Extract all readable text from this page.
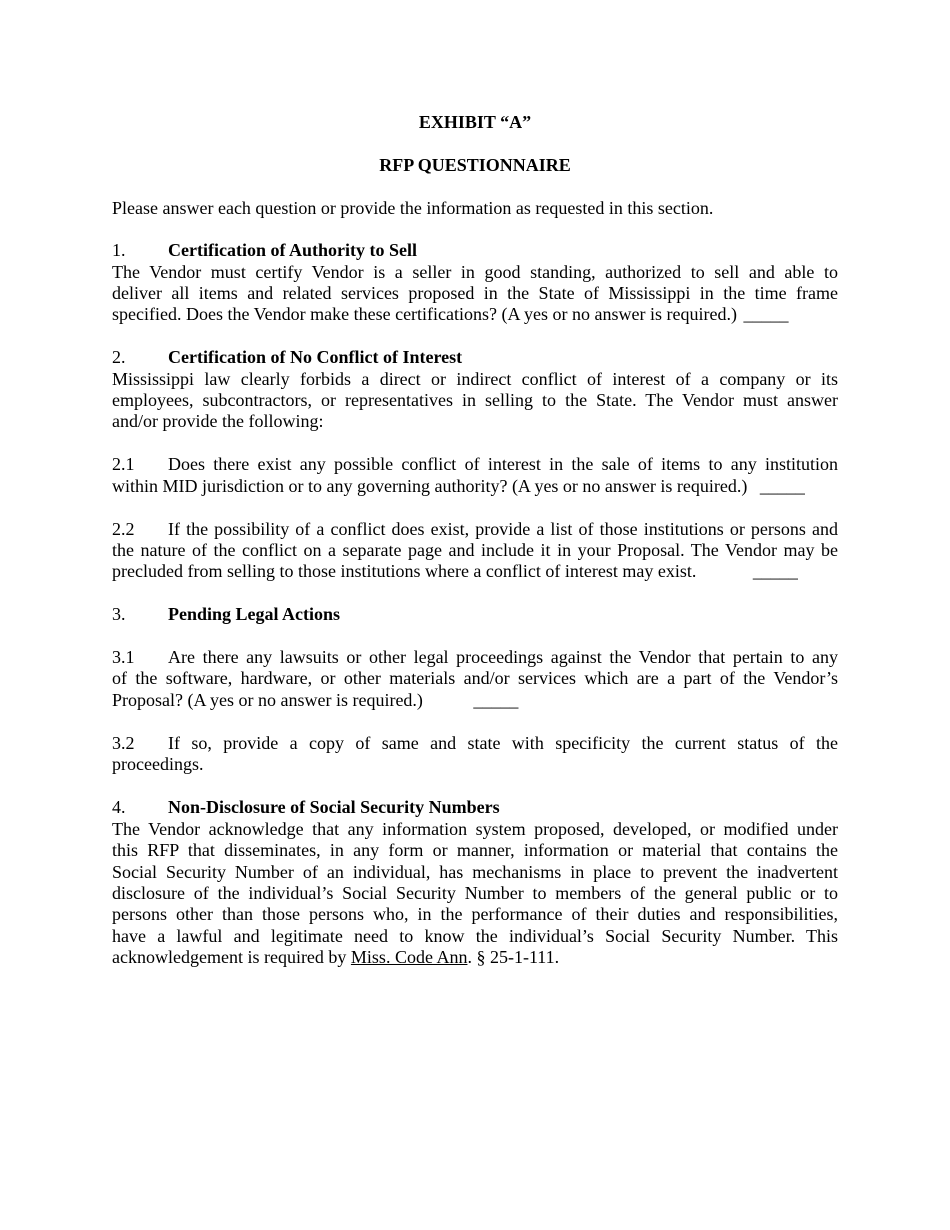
EXHIBIT “A”
RFP QUESTIONNAIRE
Please answer each question or provide the information as requested in this section.
1. Certification of Authority to Sell
The Vendor must certify Vendor is a seller in good standing, authorized to sell and able to
deliver all items and related services proposed in the State of Mississippi in the time frame
specified. Does the Vendor make these certifications? (A yes or no answer is required.) _____
2. Certification of No Conflict of Interest
Mississippi law clearly forbids a direct or indirect conflict of interest of a company or its
employees, subcontractors, or representatives in selling to the State. The Vendor must answer
and/or provide the following:
2.1 Does there exist any possible conflict of interest in the sale of items to any institution
within MID jurisdiction or to any governing authority? (A yes or no answer is required.) _____
2.2 If the possibility of a conflict does exist, provide a list of those institutions or persons and
the nature of the conflict on a separate page and include it in your Proposal. The Vendor may be
precluded from selling to those institutions where a conflict of interest may exist.	_____
3. Pending Legal Actions
3.1 Are there any lawsuits or other legal proceedings against the Vendor that pertain to any
of the software, hardware, or other materials and/or services which are a part of the Vendor’s
Proposal? (A yes or no answer is required.)	_____
3.2 If so, provide a copy of same and state with specificity the current status of the
proceedings.
4. Non-Disclosure of Social Security Numbers
The Vendor acknowledge that any information system proposed, developed, or modified under
this RFP that disseminates, in any form or manner, information or material that contains the
Social Security Number of an individual, has mechanisms in place to prevent the inadvertent
disclosure of the individual’s Social Security Number to members of the general public or to
persons other than those persons who, in the performance of their duties and responsibilities,
have a lawful and legitimate need to know the individual’s Social Security Number. This
acknowledgement is required by Miss. Code Ann. § 25-1-111.
